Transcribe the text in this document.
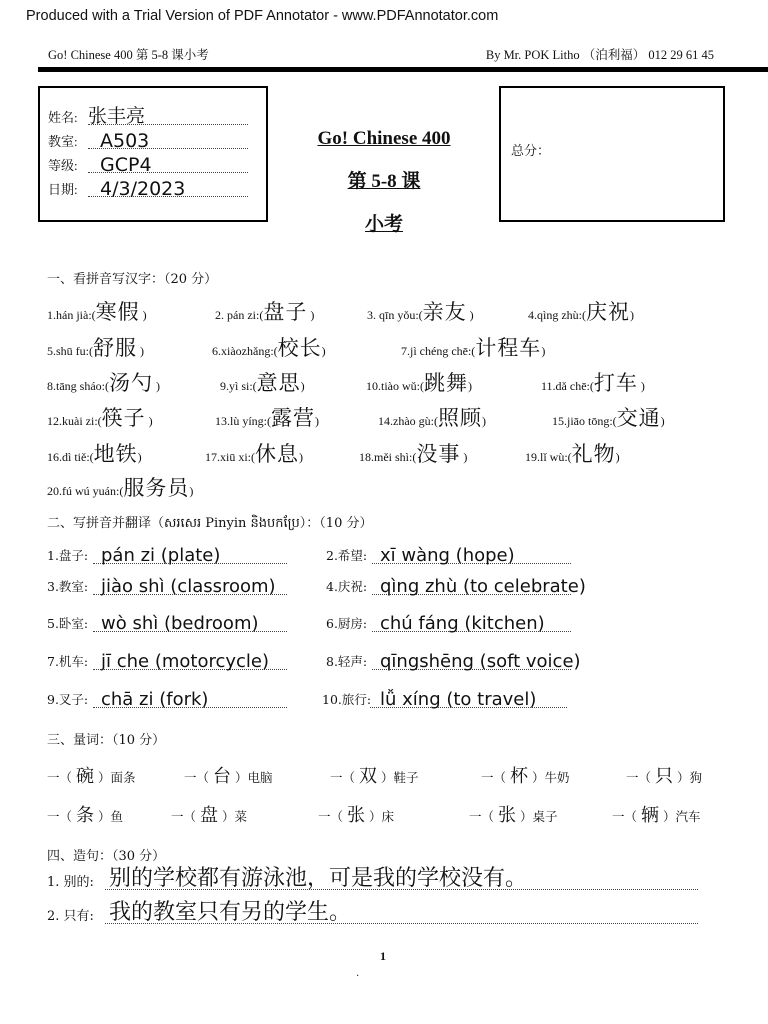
Produced with a Trial Version of PDF Annotator - www.PDFAnnotator.com
Go! Chinese 400 第 5-8 课小考	By Mr. POK Litho （泊利福） 012 29 61 45
姓名: 张丰亮
教室: A503
等级: GCP4
日期: 4/3/2023
Go! Chinese 400
第 5-8 课
小考
总分：
一、看拼音写汉字：（20 分）
1.hán jià:(寒假 )	2. pán zi:(盘子 )	3. qīn yǒu:(亲友 )	4.qìng zhù:(庆祝)
5.shū fu:(舒服 )	6.xiàozhǎng:(校长)	7.jì chéng chē:(计程车)
8.tāng sháo:(汤勺 )	9.yì si:(意思)	10.tiào wǔ:(跳舞)	11.dǎ chē:(打车 )
12.kuài zi:(筷子 )	13.lù yíng:(露营)	14.zhào gù:(照顾)	15.jiāo tōng:(交通)
16.dì tiě:(地铁)	17.xiū xi:(休息)	18.měi shì:(没事 )	19.lǐ wù:(礼物)
20.fú wú yuán:(服务员)
二、写拼音并翻译（សរសេរ Pinyin និងបកប្រែ）：（10 分）
1.盘子: pán zi (plate)	2.希望: xī wàng (hope)
3.教室: jiào shì (classroom)	4.庆祝: qìng zhù (to celebrate)
5.卧室: wò shì (bedroom)	6.厨房: chú fáng (kitchen)
7.机车: jī che (motorcycle)	8.轻声: qīngshēng (soft voice)
9.叉子: chā zi (fork)	10.旅行: lǚ xíng (to travel)
三、量词：（10 分）
一（ 碗 ）面条	一（ 台 ）电脑	一（ 双 ）鞋子	一（ 杯 ）牛奶	一（ 只 ）狗
一（ 条 ）鱼	一（ 盘 ）菜	一（ 张 ）床	一（ 张 ）桌子	一（ 辆 ）汽车
四、造句：（30 分）
1. 别的: 别的学校都有游泳池，可是我的学校没有。
2. 只有: 我的教室只有另的学生。
1
.
